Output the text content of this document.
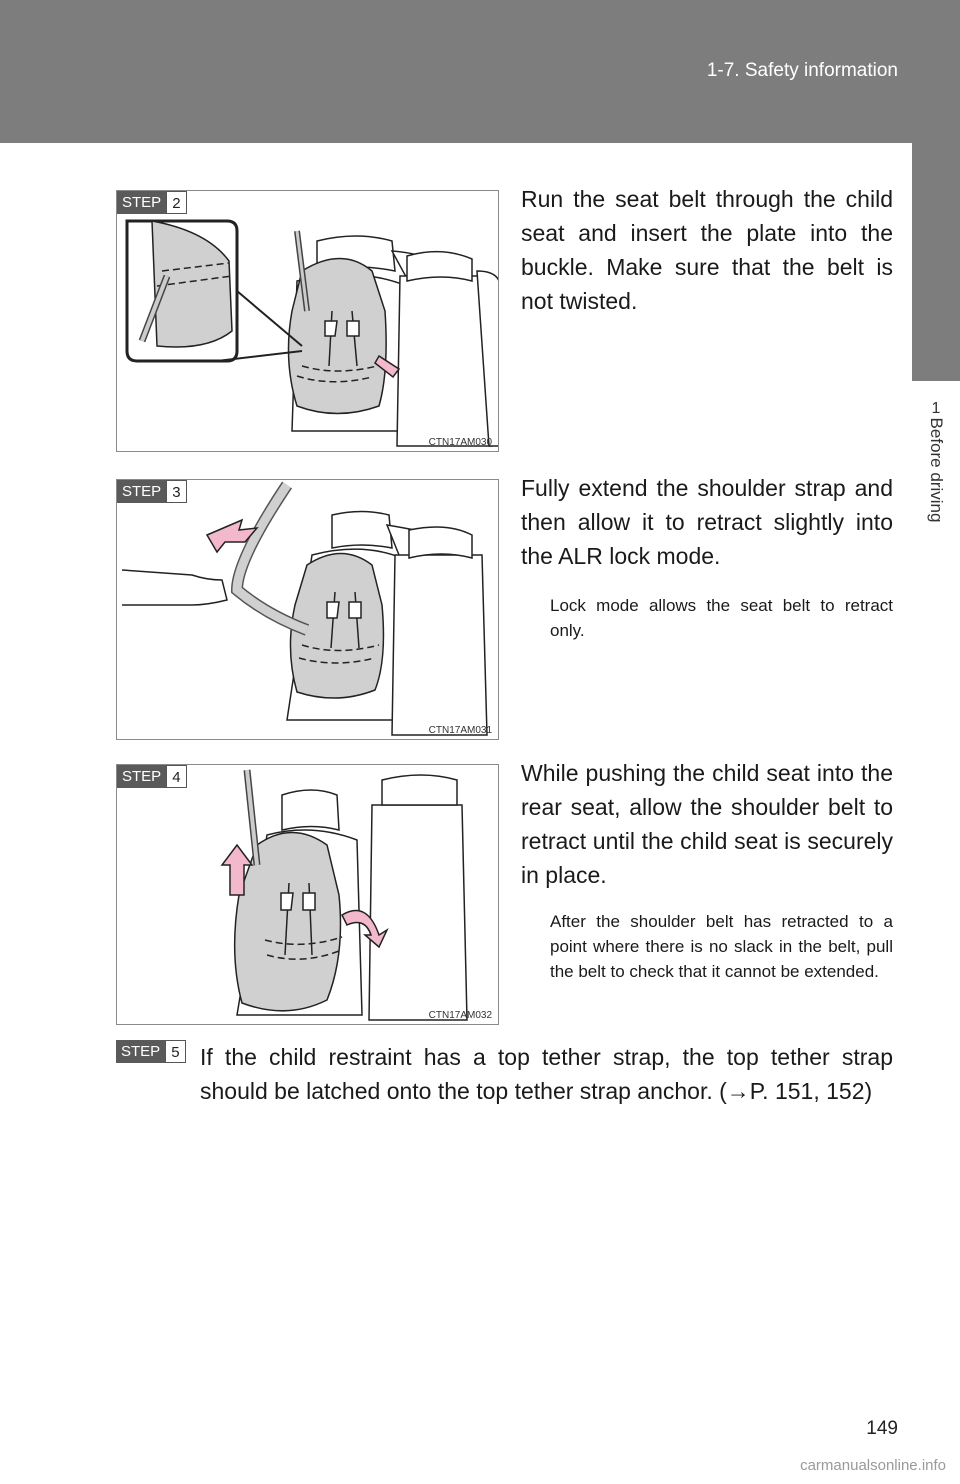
1-7. Safety information
1
Before driving
STEP 2
CTN17AM030
Run the seat belt through the child seat and insert the plate into the buckle. Make sure that the belt is not twisted.
STEP 3
CTN17AM031
Fully extend the shoulder strap and then allow it to retract slightly into the ALR lock mode.
Lock mode allows the seat belt to retract only.
STEP 4
CTN17AM032
While pushing the child seat into the rear seat, allow the shoulder belt to retract until the child seat is securely in place.
After the shoulder belt has retracted to a point where there is no slack in the belt, pull the belt to check that it cannot be extended.
STEP 5 If the child restraint has a top tether strap, the top tether strap should be latched onto the top tether strap anchor. (→P. 151, 152)
149
carmanualsonline.info
